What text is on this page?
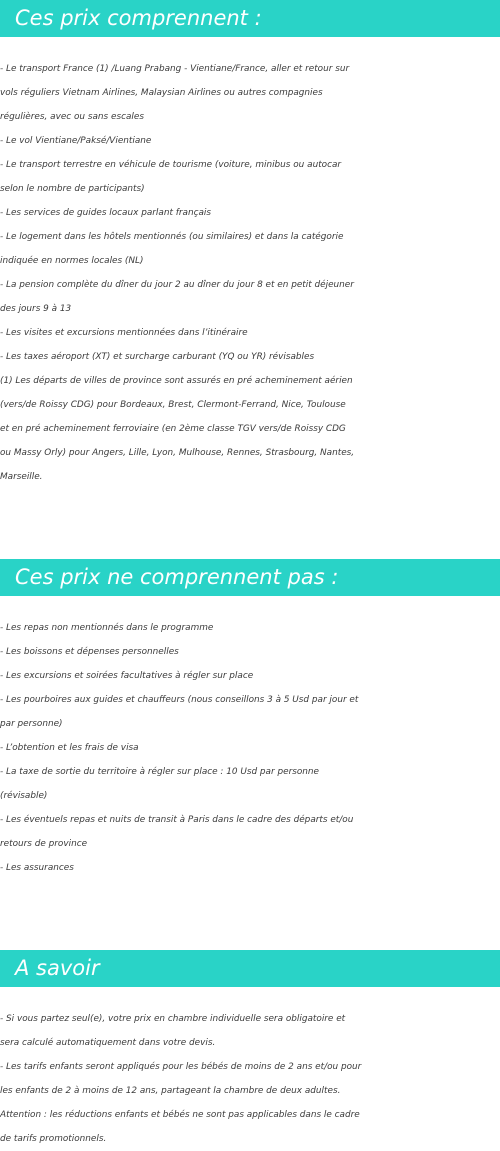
Ces prix comprennent :
- Le transport France (1) /Luang Prabang - Vientiane/France, aller et retour sur
vols réguliers Vietnam Airlines, Malaysian Airlines ou autres compagnies
régulières, avec ou sans escales
- Le vol Vientiane/Paksé/Vientiane
- Le transport terrestre en véhicule de tourisme (voiture, minibus ou autocar
selon le nombre de participants)
- Les services de guides locaux parlant français
- Le logement dans les hôtels mentionnés (ou similaires) et dans la catégorie
indiquée en normes locales (NL)
- La pension complète du dîner du jour 2 au dîner du jour 8 et en petit déjeuner
des jours 9 à 13
- Les visites et excursions mentionnées dans l’itinéraire
- Les taxes aéroport (XT) et surcharge carburant (YQ ou YR) révisables
(1) Les départs de villes de province sont assurés en pré acheminement aérien
(vers/de Roissy CDG) pour Bordeaux, Brest, Clermont-Ferrand, Nice, Toulouse
et en pré acheminement ferroviaire (en 2ème classe TGV vers/de Roissy CDG
ou Massy Orly) pour Angers, Lille, Lyon, Mulhouse, Rennes, Strasbourg, Nantes,
Marseille.
Ces prix ne comprennent pas :
- Les repas non mentionnés dans le programme
- Les boissons et dépenses personnelles
- Les excursions et soirées facultatives à régler sur place
- Les pourboires aux guides et chauffeurs (nous conseillons 3 à 5 Usd par jour et
par personne)
- L’obtention et les frais de visa
- La taxe de sortie du territoire à régler sur place : 10 Usd par personne
(révisable)
- Les éventuels repas et nuits de transit à Paris dans le cadre des départs et/ou
retours de province
- Les assurances
A savoir
- Si vous partez seul(e), votre prix en chambre individuelle sera obligatoire et
sera calculé automatiquement dans votre devis.
- Les tarifs enfants seront appliqués pour les bébés de moins de 2 ans et/ou pour
les enfants de 2 à moins de 12 ans, partageant la chambre de deux adultes.
Attention : les réductions enfants et bébés ne sont pas applicables dans le cadre
de tarifs promotionnels.
